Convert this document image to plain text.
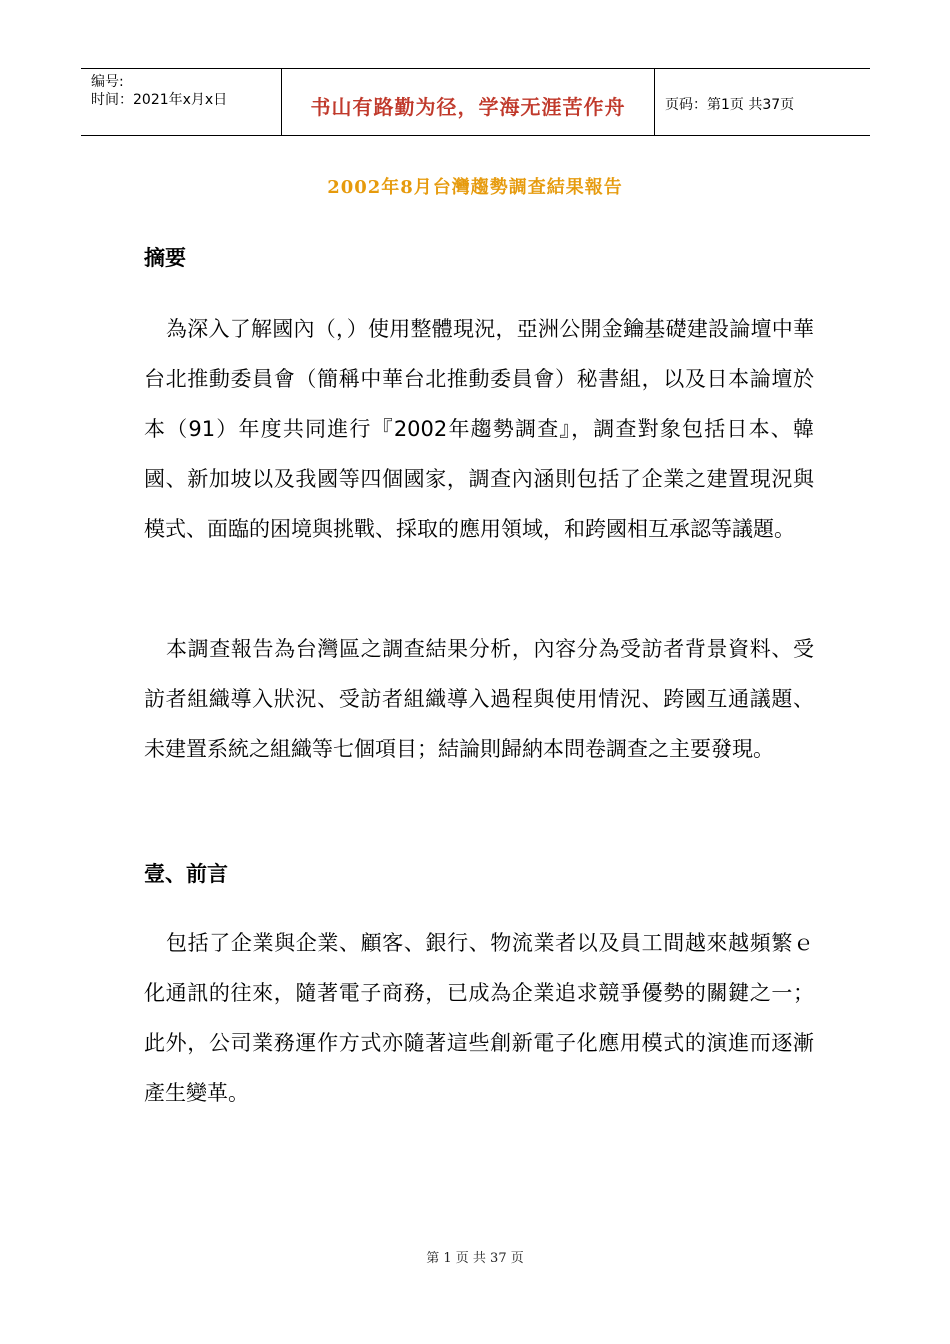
编号:
时间：2021年x月x日	书山有路勤为径，学海无涯苦作舟	页码：第1页 共37页
2002年8月台灣趨勢調查結果報告
摘要

為深入了解國內（，）使用整體現況，亞洲公開金鑰基礎建設論壇中華台北推動委員會（簡稱中華台北推動委員會）秘書組，以及日本論壇於本（91）年度共同進行『2002年趨勢調查』，調查對象包括日本、韓國、新加坡以及我國等四個國家，調查內涵則包括了企業之建置現況與模式、面臨的困境與挑戰、採取的應用領域，和跨國相互承認等議題。

本調查報告為台灣區之調查結果分析，內容分為受訪者背景資料、受訪者組織導入狀況、受訪者組織導入過程與使用情況、跨國互通議題、未建置系統之組織等七個項目；結論則歸納本問卷調查之主要發現。

壹、前言

包括了企業與企業、顧客、銀行、物流業者以及員工間越來越頻繁ｅ化通訊的往來，隨著電子商務，已成為企業追求競爭優勢的關鍵之一；此外，公司業務運作方式亦隨著這些創新電子化應用模式的演進而逐漸產生變革。

第 1 页 共 37 页
